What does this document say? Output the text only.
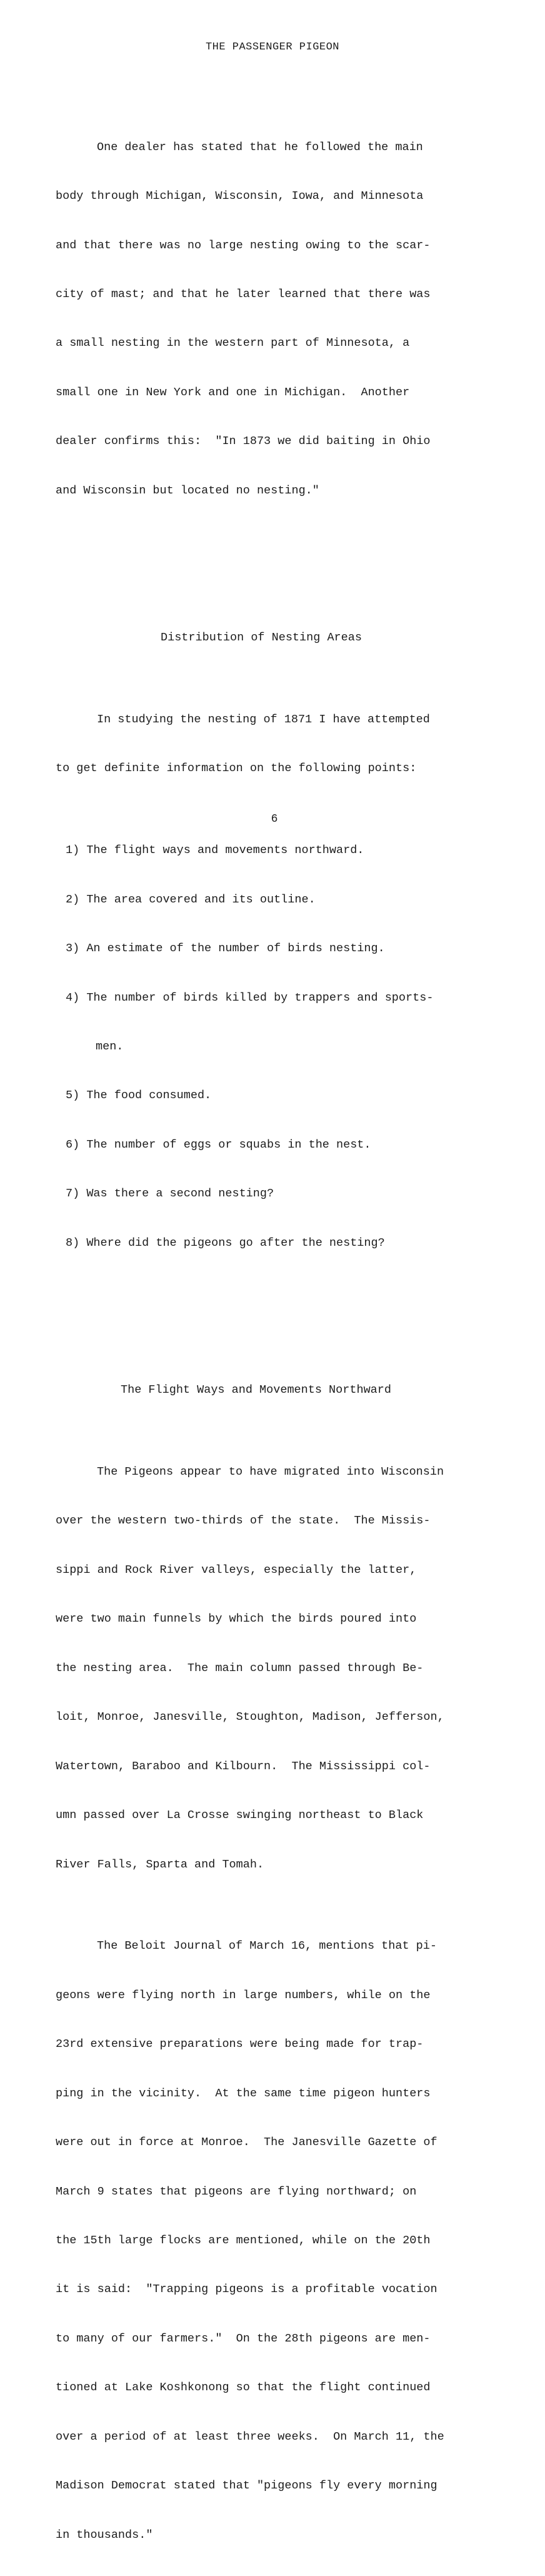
THE PASSENGER PIGEON

One dealer has stated that he followed the main

body through Michigan, Wisconsin, Iowa, and Minnesota

and that there was no large nesting owing to the scar-

city of mast; and that he later learned that there was

a small nesting in the western part of Minnesota, a

small one in New York and one in Michigan.  Another

dealer confirms this:  "In 1873 we did baiting in Ohio

and Wisconsin but located no nesting."

Distribution of Nesting Areas

In studying the nesting of 1871 I have attempted

to get definite information on the following points:

1) The flight ways and movements northward.

2) The area covered and its outline.

3) An estimate of the number of birds nesting.

4) The number of birds killed by trappers and sports-

men.

5) The food consumed.

6) The number of eggs or squabs in the nest.

7) Was there a second nesting?

8) Where did the pigeons go after the nesting?

The Flight Ways and Movements Northward

The Pigeons appear to have migrated into Wisconsin

over the western two-thirds of the state.  The Missis-

sippi and Rock River valleys, especially the latter,

were two main funnels by which the birds poured into

the nesting area.  The main column passed through Be-

loit, Monroe, Janesville, Stoughton, Madison, Jefferson,

Watertown, Baraboo and Kilbourn.  The Mississippi col-

umn passed over La Crosse swinging northeast to Black

River Falls, Sparta and Tomah.

The Beloit Journal of March 16, mentions that pi-

geons were flying north in large numbers, while on the

23rd extensive preparations were being made for trap-

ping in the vicinity.  At the same time pigeon hunters

were out in force at Monroe.  The Janesville Gazette of

March 9 states that pigeons are flying northward; on

the 15th large flocks are mentioned, while on the 20th

it is said:  "Trapping pigeons is a profitable vocation

to many of our farmers."  On the 28th pigeons are men-

tioned at Lake Koshkonong so that the flight continued

over a period of at least three weeks.  On March 11, the

Madison Democrat stated that "pigeons fly every morning

in thousands."

6
